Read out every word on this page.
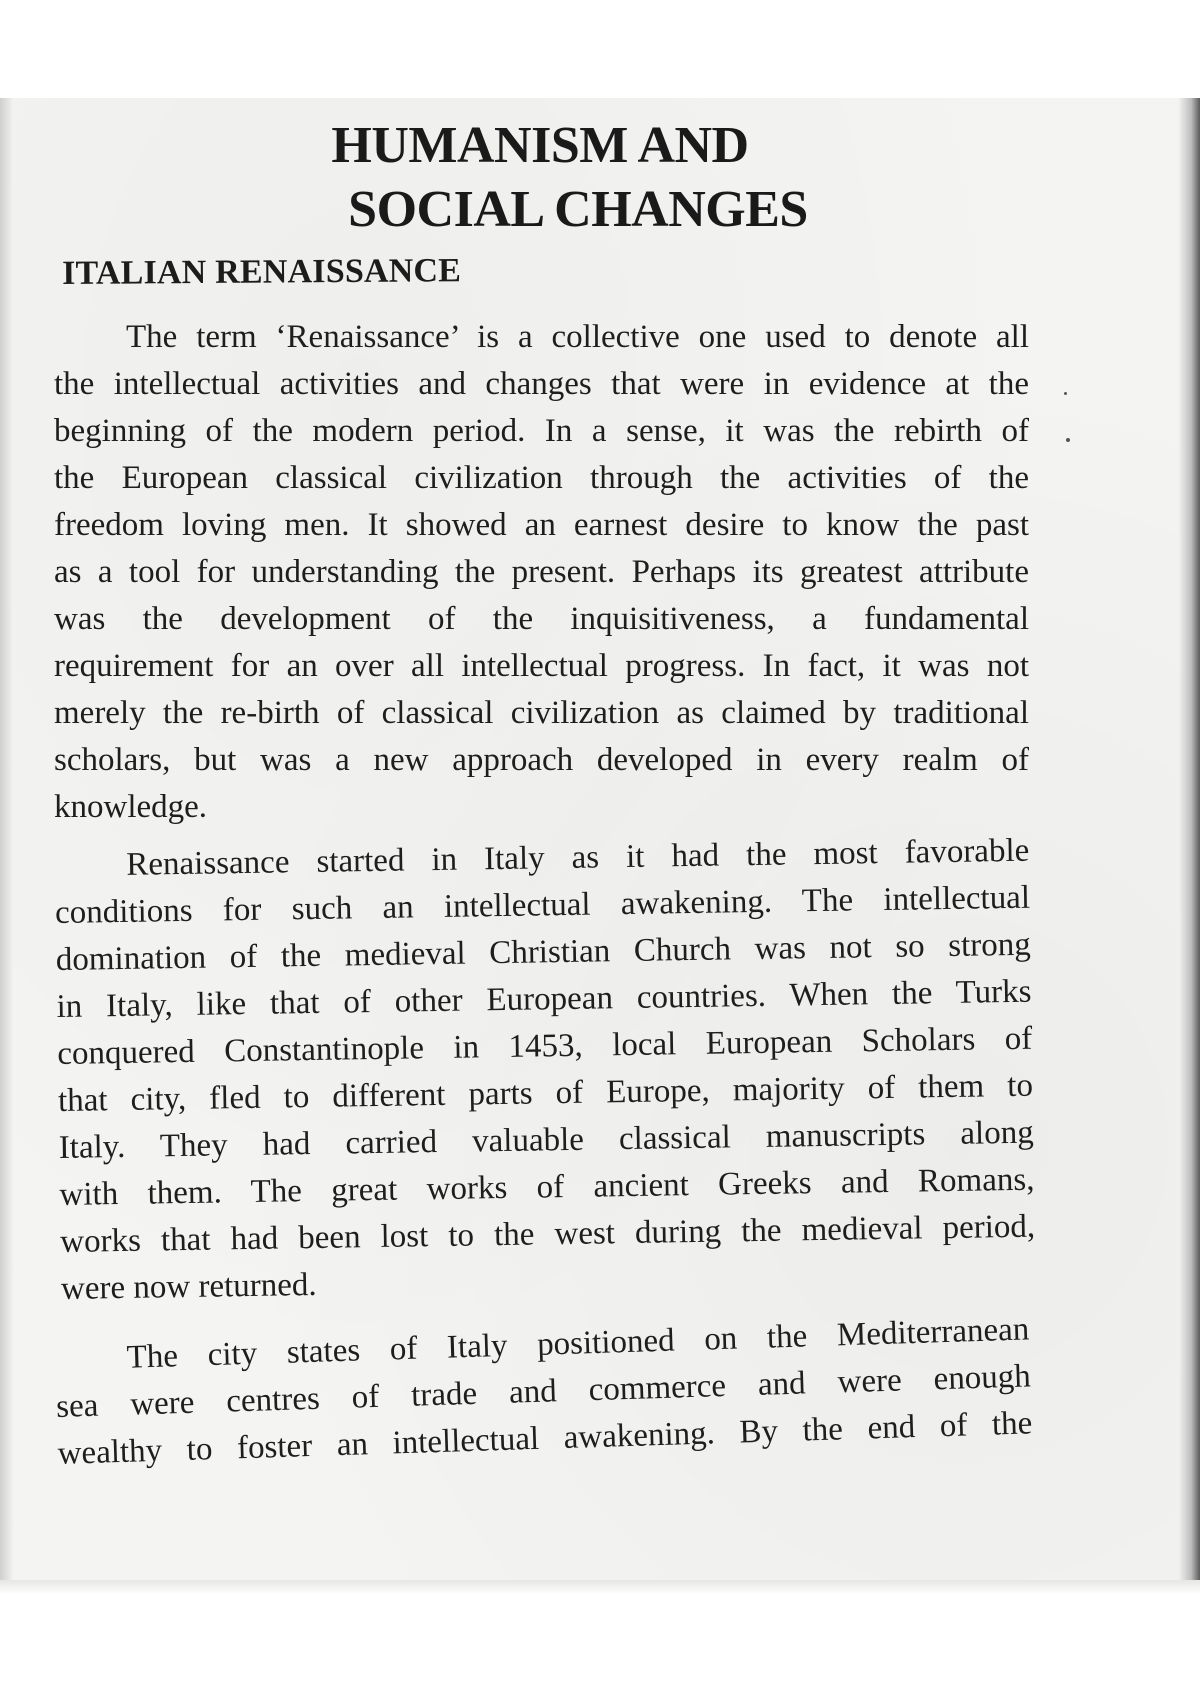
HUMANISM AND
SOCIAL CHANGES
ITALIAN RENAISSANCE
The term ‘Renaissance’ is a collective one used to denote all
the intellectual activities and changes that were in evidence at the
beginning of the modern period. In a sense, it was the rebirth of
the European classical civilization through the activities of the
freedom loving men. It showed an earnest desire to know the past
as a tool for understanding the present. Perhaps its greatest attribute
was the development of the inquisitiveness, a fundamental
requirement for an over all intellectual progress. In fact, it was not
merely the re-birth of classical civilization as claimed by traditional
scholars, but was a new approach developed in every realm of
knowledge.
Renaissance started in Italy as it had the most favorable
conditions for such an intellectual awakening. The intellectual
domination of the medieval Christian Church was not so strong
in Italy, like that of other European countries. When the Turks
conquered Constantinople in 1453, local European Scholars of
that city, fled to different parts of Europe, majority of them to
Italy. They had carried valuable classical manuscripts along
with them. The great works of ancient Greeks and Romans,
works that had been lost to the west during the medieval period,
were now returned.
The city states of Italy positioned on the Mediterranean
sea were centres of trade and commerce and were enough
wealthy to foster an intellectual awakening. By the end of the
